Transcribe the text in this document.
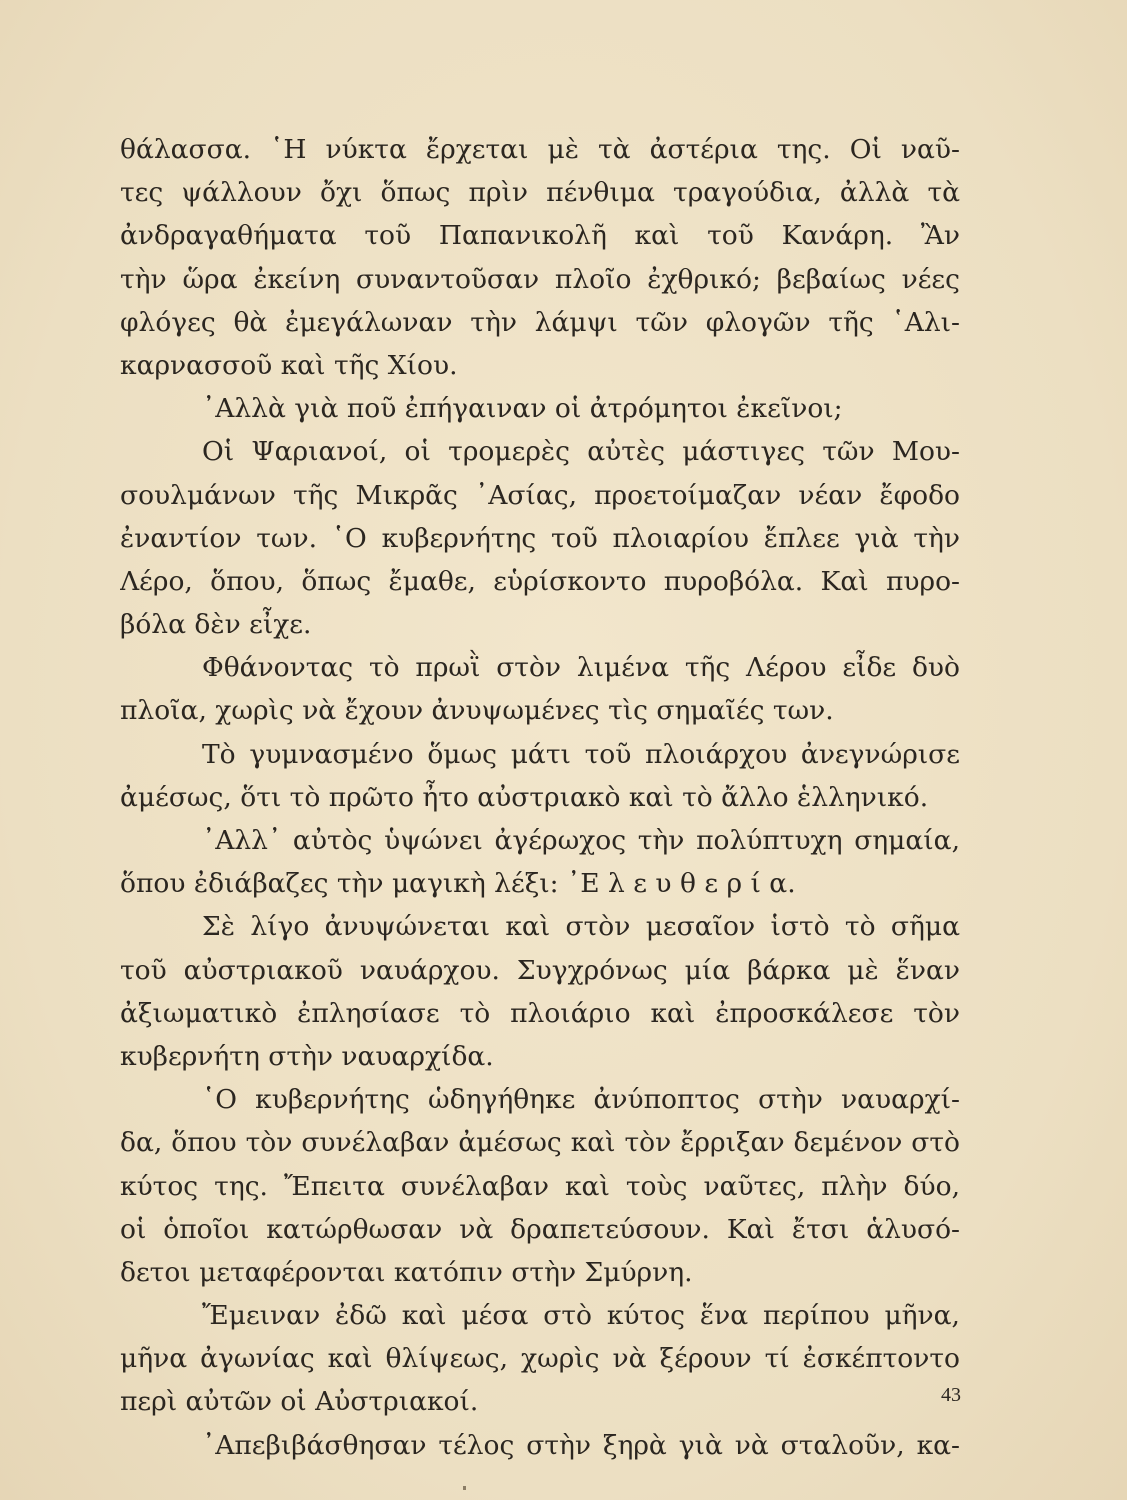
θάλασσα. ῾Η νύκτα ἔρχεται μὲ τὰ ἀστέρια της. Οἱ ναῦ-
τες ψάλλουν ὄχι ὅπως πρὶν πένθιμα τραγούδια, ἀλλὰ τὰ
ἀνδραγαθήματα τοῦ Παπανικολῆ καὶ τοῦ Κανάρη. Ἂν
τὴν ὥρα ἐκείνη συναντοῦσαν πλοῖο ἐχθρικό; βεβαίως νέες
φλόγες θὰ ἐμεγάλωναν τὴν λάμψι τῶν φλογῶν τῆς ῾Αλι-
καρνασσοῦ καὶ τῆς Χίου.
᾿Αλλὰ γιὰ ποῦ ἐπήγαιναν οἱ ἀτρόμητοι ἐκεῖνοι;
Οἱ Ψαριανοί, οἱ τρομερὲς αὐτὲς μάστιγες τῶν Μου-
σουλμάνων τῆς Μικρᾶς ᾿Ασίας, προετοίμαζαν νέαν ἔφοδο
ἐναντίον των. ῾Ο κυβερνήτης τοῦ πλοιαρίου ἔπλεε γιὰ τὴν
Λέρο, ὅπου, ὅπως ἔμαθε, εὑρίσκοντο πυροβόλα. Καὶ πυρο-
βόλα δὲν εἶχε.
Φθάνοντας τὸ πρωῒ στὸν λιμένα τῆς Λέρου εἶδε δυὸ
πλοῖα, χωρὶς νὰ ἔχουν ἀνυψωμένες τὶς σημαῖές των.
Τὸ γυμνασμένο ὅμως μάτι τοῦ πλοιάρχου ἀνεγνώρισε
ἀμέσως, ὅτι τὸ πρῶτο ἦτο αὐστριακὸ καὶ τὸ ἄλλο ἑλληνικό.
᾿Αλλ᾿ αὐτὸς ὑψώνει ἀγέρωχος τὴν πολύπτυχη σημαία,
ὅπου ἐδιάβαζες τὴν μαγικὴ λέξι: ᾿Ε λ ε υ θ ε ρ ί α.
Σὲ λίγο ἀνυψώνεται καὶ στὸν μεσαῖον ἱστὸ τὸ σῆμα
τοῦ αὐστριακοῦ ναυάρχου. Συγχρόνως μία βάρκα μὲ ἕναν
ἀξιωματικὸ ἐπλησίασε τὸ πλοιάριο καὶ ἐπροσκάλεσε τὸν
κυβερνήτη στὴν ναυαρχίδα.
῾Ο κυβερνήτης ὡδηγήθηκε ἀνύποπτος στὴν ναυαρχί-
δα, ὅπου τὸν συνέλαβαν ἀμέσως καὶ τὸν ἔρριξαν δεμένον στὸ
κύτος της. Ἔπειτα συνέλαβαν καὶ τοὺς ναῦτες, πλὴν δύο,
οἱ ὁποῖοι κατώρθωσαν νὰ δραπετεύσουν. Καὶ ἔτσι ἁλυσό-
δετοι μεταφέρονται κατόπιν στὴν Σμύρνη.
Ἔμειναν ἐδῶ καὶ μέσα στὸ κύτος ἕνα περίπου μῆνα,
μῆνα ἀγωνίας καὶ θλίψεως, χωρὶς νὰ ξέρουν τί ἐσκέπτοντο
περὶ αὐτῶν οἱ Αὐστριακοί.
᾿Απεβιβάσθησαν τέλος στὴν ξηρὰ γιὰ νὰ σταλοῦν, κα-
43
